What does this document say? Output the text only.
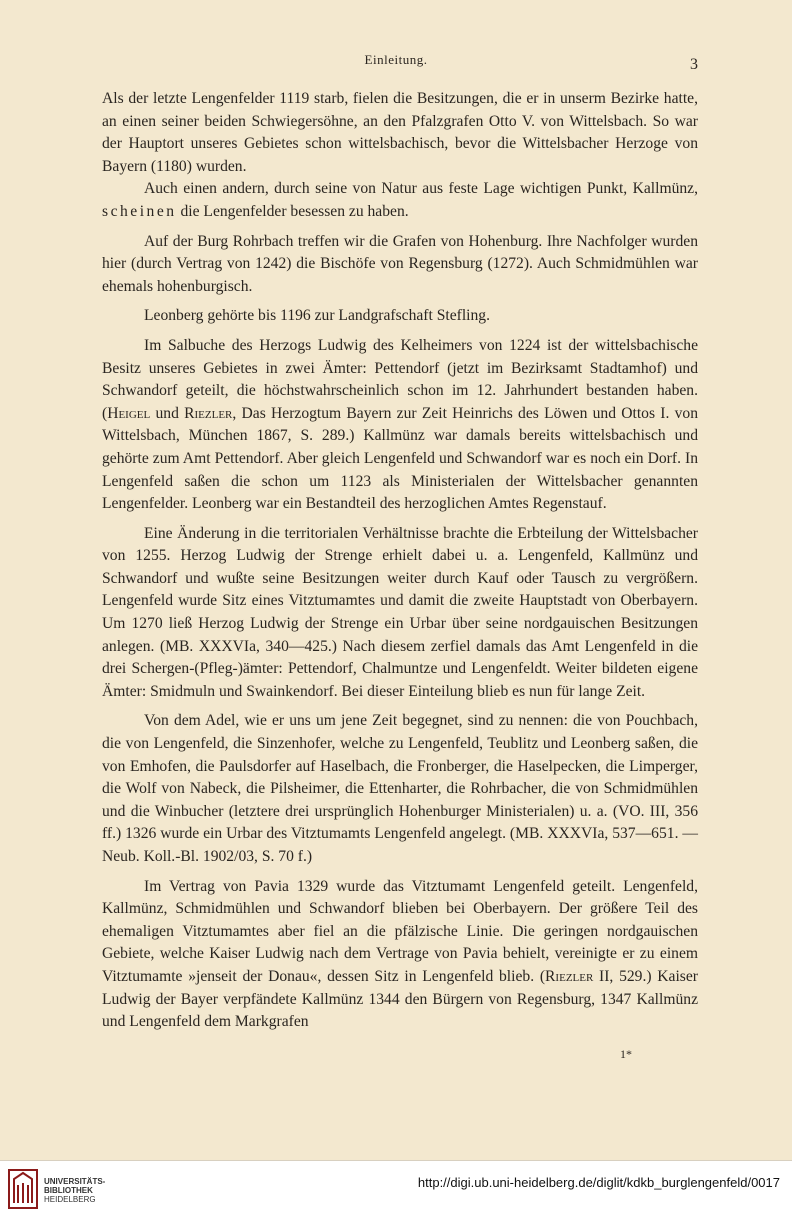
Einleitung.	3

Als der letzte Lengenfelder 1119 starb, fielen die Besitzungen, die er in unserm Bezirke hatte, an einen seiner beiden Schwiegersöhne, an den Pfalzgrafen Otto V. von Wittelsbach. So war der Hauptort unseres Gebietes schon wittelsbachisch, bevor die Wittelsbacher Herzoge von Bayern (1180) wurden.

Auch einen andern, durch seine von Natur aus feste Lage wichtigen Punkt, Kallmünz, scheinen die Lengenfelder besessen zu haben.

Auf der Burg Rohrbach treffen wir die Grafen von Hohenburg. Ihre Nachfolger wurden hier (durch Vertrag von 1242) die Bischöfe von Regensburg (1272). Auch Schmidmühlen war ehemals hohenburgisch.

Leonberg gehörte bis 1196 zur Landgrafschaft Stefling.

Im Salbuche des Herzogs Ludwig des Kelheimers von 1224 ist der wittelsbachische Besitz unseres Gebietes in zwei Ämter: Pettendorf (jetzt im Bezirksamt Stadtamhof) und Schwandorf geteilt, die höchstwahrscheinlich schon im 12. Jahrhundert bestanden haben. (Heigel und Riezler, Das Herzogtum Bayern zur Zeit Heinrichs des Löwen und Ottos I. von Wittelsbach, München 1867, S. 289.) Kallmünz war damals bereits wittelsbachisch und gehörte zum Amt Pettendorf. Aber gleich Lengenfeld und Schwandorf war es noch ein Dorf. In Lengenfeld saßen die schon um 1123 als Ministerialen der Wittelsbacher genannten Lengenfelder. Leonberg war ein Bestandteil des herzoglichen Amtes Regenstauf.

Eine Änderung in die territorialen Verhältnisse brachte die Erbteilung der Wittelsbacher von 1255. Herzog Ludwig der Strenge erhielt dabei u. a. Lengenfeld, Kallmünz und Schwandorf und wußte seine Besitzungen weiter durch Kauf oder Tausch zu vergrößern. Lengenfeld wurde Sitz eines Vitztumamtes und damit die zweite Hauptstadt von Oberbayern. Um 1270 ließ Herzog Ludwig der Strenge ein Urbar über seine nordgauischen Besitzungen anlegen. (MB. XXXVIa, 340—425.) Nach diesem zerfiel damals das Amt Lengenfeld in die drei Schergen-(Pfleg-)ämter: Pettendorf, Chalmuntze und Lengenfeldt. Weiter bildeten eigene Ämter: Smidmuln und Swainkendorf. Bei dieser Einteilung blieb es nun für lange Zeit.

Von dem Adel, wie er uns um jene Zeit begegnet, sind zu nennen: die von Pouchbach, die von Lengenfeld, die Sinzenhofer, welche zu Lengenfeld, Teublitz und Leonberg saßen, die von Emhofen, die Paulsdorfer auf Haselbach, die Fronberger, die Haselpecken, die Limperger, die Wolf von Nabeck, die Pilsheimer, die Ettenharter, die Rohrbacher, die von Schmidmühlen und die Winbucher (letztere drei ursprünglich Hohenburger Ministerialen) u. a. (VO. III, 356 ff.) 1326 wurde ein Urbar des Vitztumamts Lengenfeld angelegt. (MB. XXXVIa, 537—651. — Neub. Koll.-Bl. 1902/03, S. 70 f.)

Im Vertrag von Pavia 1329 wurde das Vitztumamt Lengenfeld geteilt. Lengenfeld, Kallmünz, Schmidmühlen und Schwandorf blieben bei Oberbayern. Der größere Teil des ehemaligen Vitztumamtes aber fiel an die pfälzische Linie. Die geringen nordgauischen Gebiete, welche Kaiser Ludwig nach dem Vertrage von Pavia behielt, vereinigte er zu einem Vitztumamte »jenseit der Donau«, dessen Sitz in Lengenfeld blieb. (Riezler II, 529.) Kaiser Ludwig der Bayer verpfändete Kallmünz 1344 den Bürgern von Regensburg, 1347 Kallmünz und Lengenfeld dem Markgrafen

1*
UNIVERSITÄTS-
BIBLIOTHEK
HEIDELBERG
http://digi.ub.uni-heidelberg.de/diglit/kdkb_burglengenfeld/0017
